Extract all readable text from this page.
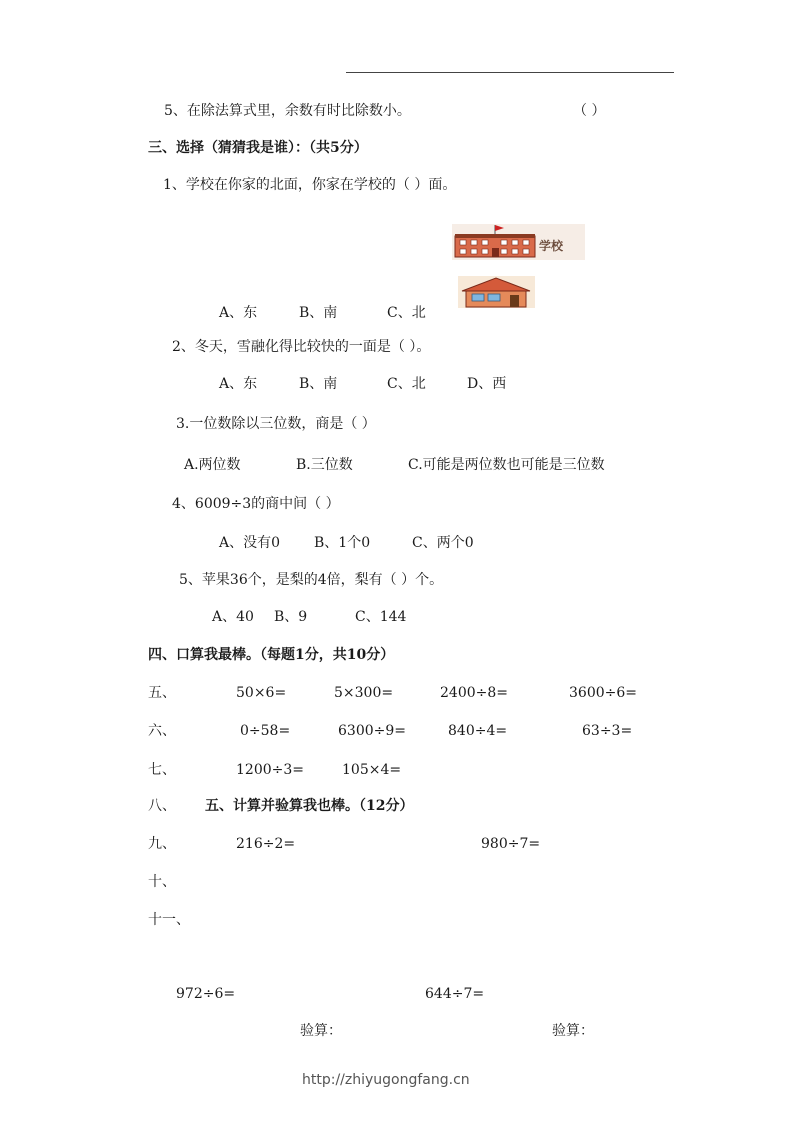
5、在除法算式里，余数有时比除数小。	（ ）
三、选择（猜猜我是谁）：（共5分）
1、学校在你家的北面，你家在学校的（ ）面。
学校
A、东	B、南	C、北
2、冬天，雪融化得比较快的一面是（ ）。
A、东	B、南	C、北	D、西
3.一位数除以三位数，商是（ ）
A.两位数	B.三位数	C.可能是两位数也可能是三位数
4、6009÷3的商中间（ ）
A、没有0 B、1个0	C、两个0
5、苹果36个，是梨的4倍，梨有（ ）个。
A、40 B、9	C、144
四、口算我最棒。（每题1分，共10分）
五、	50×6=	5×300=	2400÷8=	3600÷6=
六、	0÷58=	6300÷9=	840÷4=	63÷3=
七、	1200÷3=	105×4=
八、 五、计算并验算我也棒。（12分）
九、	216÷2=	980÷7=
十、
十一、
972÷6=	644÷7=
验算：	验算：
http://zhiyugongfang.cn
